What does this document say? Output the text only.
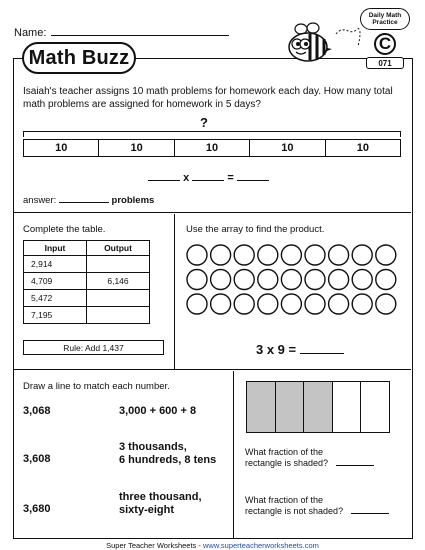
Name:
Math Buzz
Daily Math
Practice
C
071
Isaiah's teacher assigns 10 math problems for homework each day. How many total math problems are assigned for homework in 5 days?
?
10	10	10	10	10
x	=
answer:	problems
Complete the table.
Input	Output
2,914	
4,709	6,146
5,472	
7,195	
Rule: Add 1,437
Use the array to find the product.
3 x 9 =
Draw a line to match each number.
3,068	3,000 + 600 + 8
3,608
3 thousands,
6 hundreds, 8 tens
3,680
three thousand,
sixty-eight
What fraction of the
rectangle is shaded?
What fraction of the
rectangle is not shaded?
Super Teacher Worksheets - www.superteacherworksheets.com
